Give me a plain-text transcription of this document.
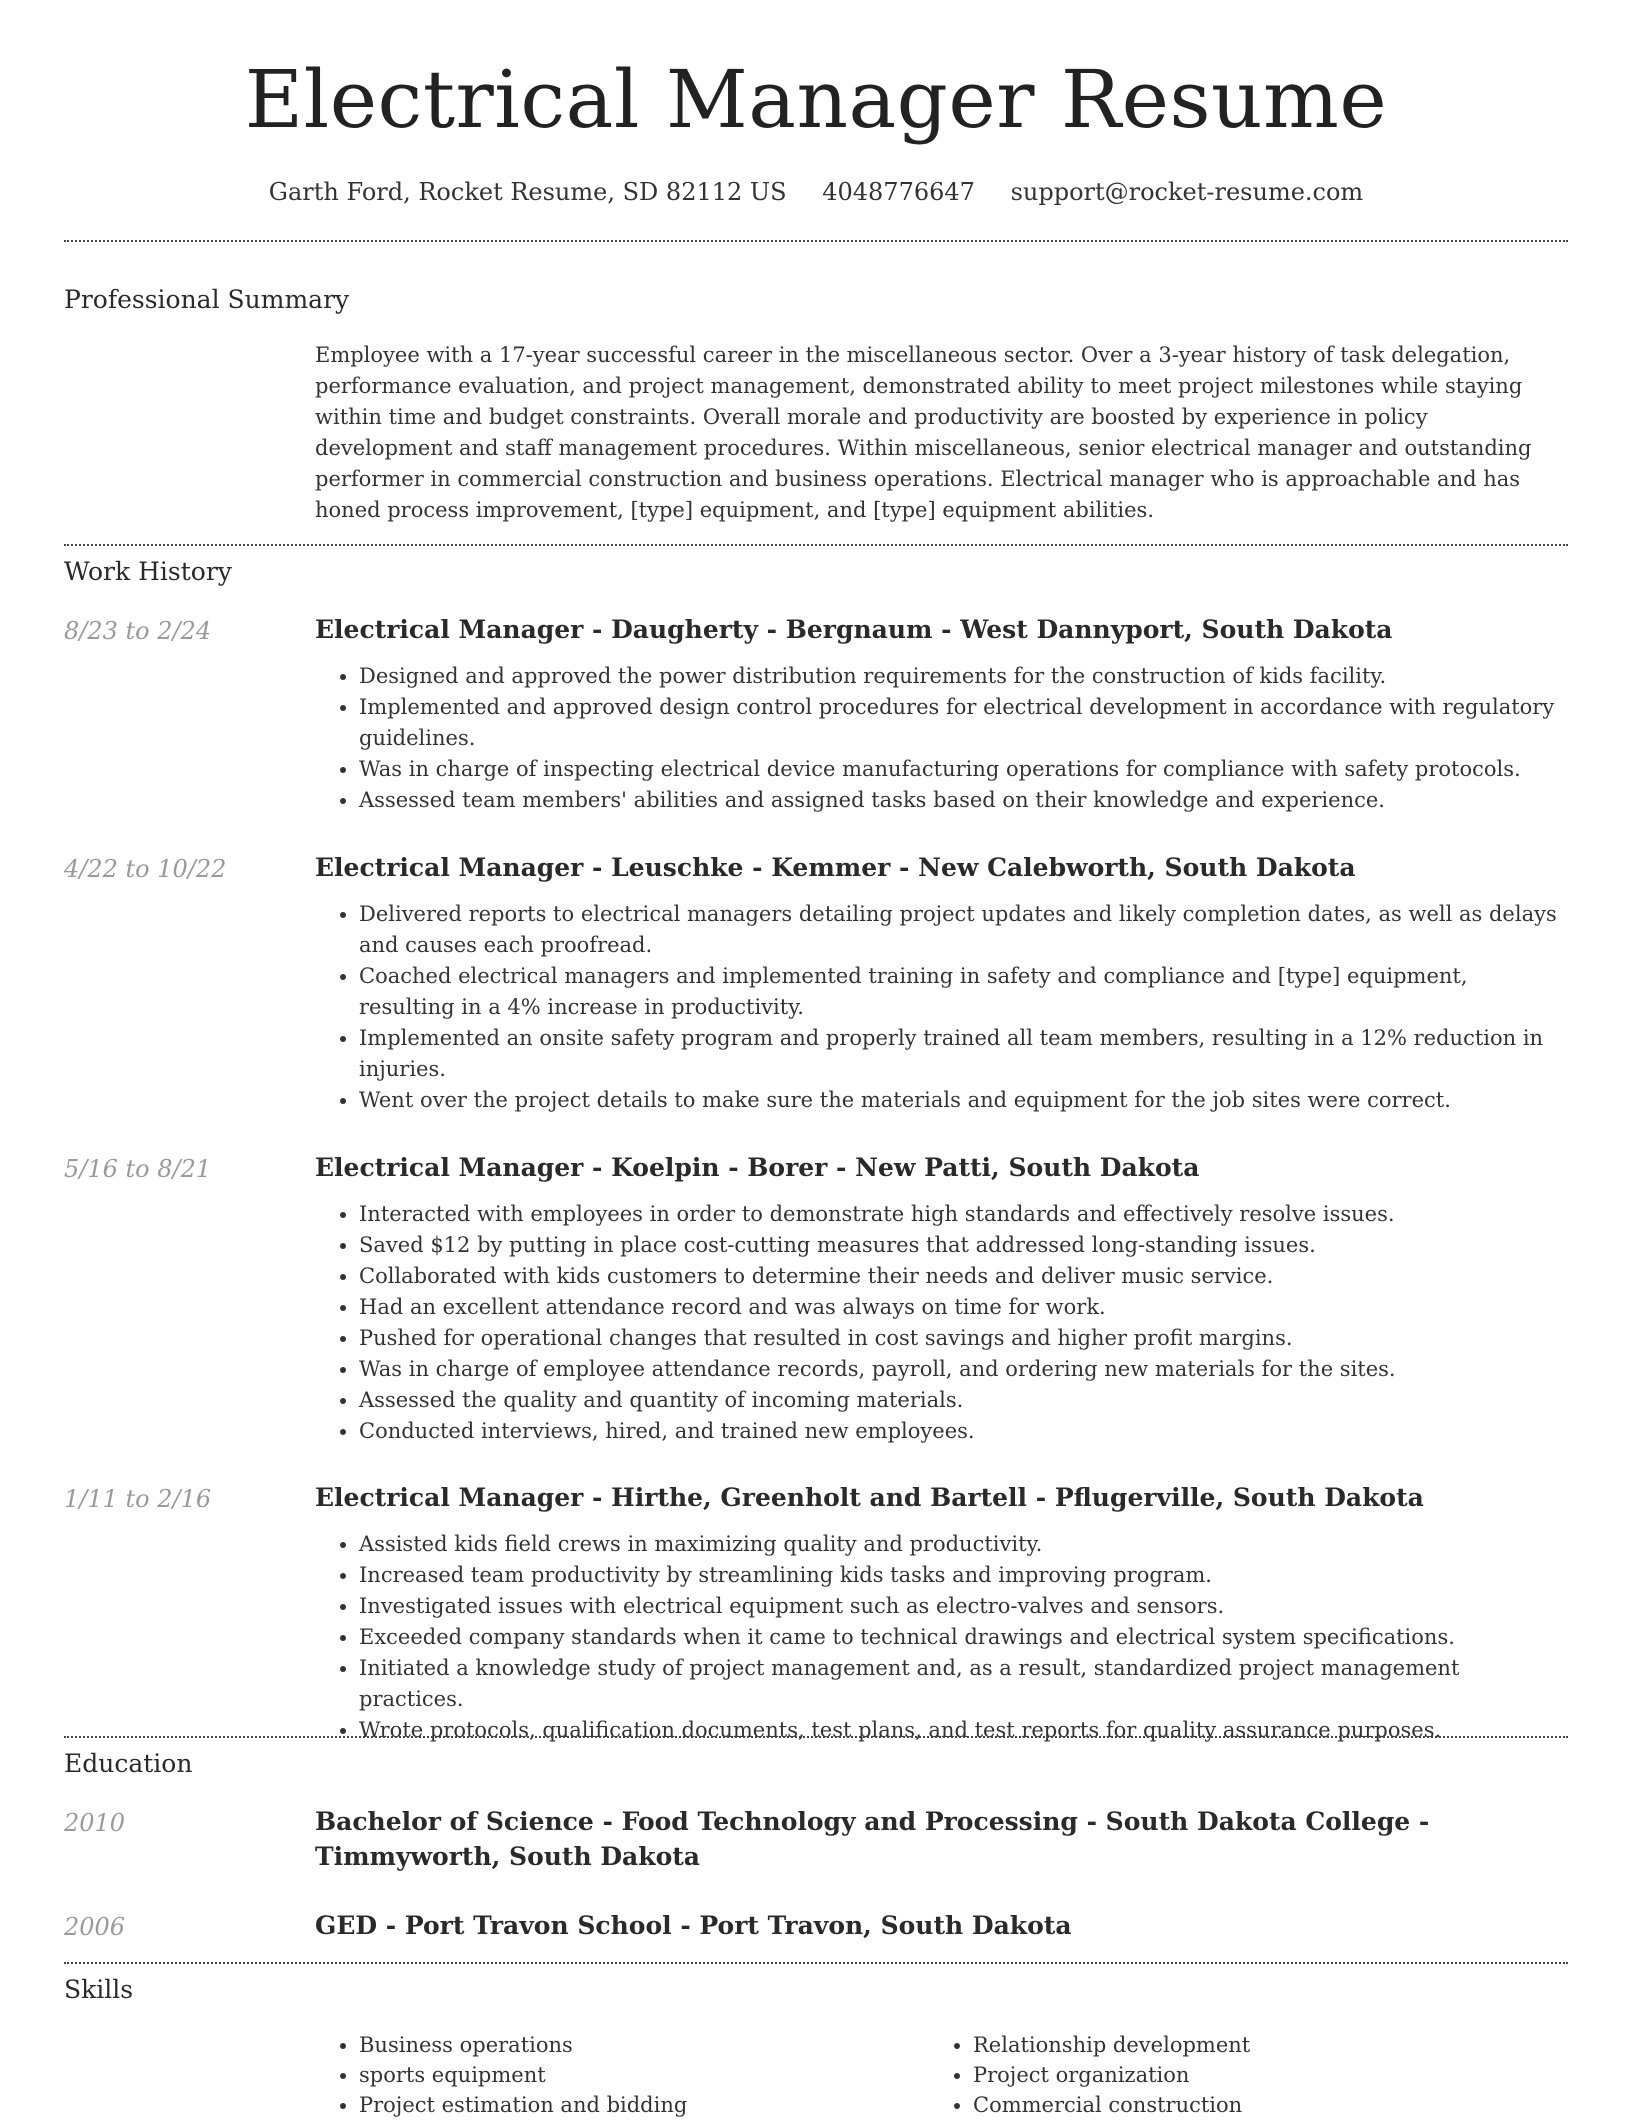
Electrical Manager Resume
Garth Ford, Rocket Resume, SD 82112 US 4048776647 support@rocket-resume.com
Professional Summary

Employee with a 17-year successful career in the miscellaneous sector. Over a 3-year history of task delegation, performance evaluation, and project management, demonstrated ability to meet project milestones while staying within time and budget constraints. Overall morale and productivity are boosted by experience in policy development and staff management procedures. Within miscellaneous, senior electrical manager and outstanding performer in commercial construction and business operations. Electrical manager who is approachable and has honed process improvement, [type] equipment, and [type] equipment abilities.

Work History
8/23 to 2/24	Electrical Manager - Daugherty - Bergnaum - West Dannyport, South Dakota
• Designed and approved the power distribution requirements for the construction of kids facility.
• Implemented and approved design control procedures for electrical development in accordance with regulatory guidelines.
• Was in charge of inspecting electrical device manufacturing operations for compliance with safety protocols.
• Assessed team members' abilities and assigned tasks based on their knowledge and experience.
4/22 to 10/22	Electrical Manager - Leuschke - Kemmer - New Calebworth, South Dakota
• Delivered reports to electrical managers detailing project updates and likely completion dates, as well as delays and causes each proofread.
• Coached electrical managers and implemented training in safety and compliance and [type] equipment, resulting in a 4% increase in productivity.
• Implemented an onsite safety program and properly trained all team members, resulting in a 12% reduction in injuries.
• Went over the project details to make sure the materials and equipment for the job sites were correct.
5/16 to 8/21	Electrical Manager - Koelpin - Borer - New Patti, South Dakota
• Interacted with employees in order to demonstrate high standards and effectively resolve issues.
• Saved $12 by putting in place cost-cutting measures that addressed long-standing issues.
• Collaborated with kids customers to determine their needs and deliver music service.
• Had an excellent attendance record and was always on time for work.
• Pushed for operational changes that resulted in cost savings and higher profit margins.
• Was in charge of employee attendance records, payroll, and ordering new materials for the sites.
• Assessed the quality and quantity of incoming materials.
• Conducted interviews, hired, and trained new employees.
1/11 to 2/16	Electrical Manager - Hirthe, Greenholt and Bartell - Pflugerville, South Dakota
• Assisted kids field crews in maximizing quality and productivity.
• Increased team productivity by streamlining kids tasks and improving program.
• Investigated issues with electrical equipment such as electro-valves and sensors.
• Exceeded company standards when it came to technical drawings and electrical system specifications.
• Initiated a knowledge study of project management and, as a result, standardized project management practices.
• Wrote protocols, qualification documents, test plans, and test reports for quality assurance purposes.
Education
2010	Bachelor of Science - Food Technology and Processing - South Dakota College - Timmyworth, South Dakota
2006	GED - Port Travon School - Port Travon, South Dakota
Skills
• Business operations
• sports equipment
• Project estimation and bidding
• Relationship development
• Project organization
• Commercial construction
